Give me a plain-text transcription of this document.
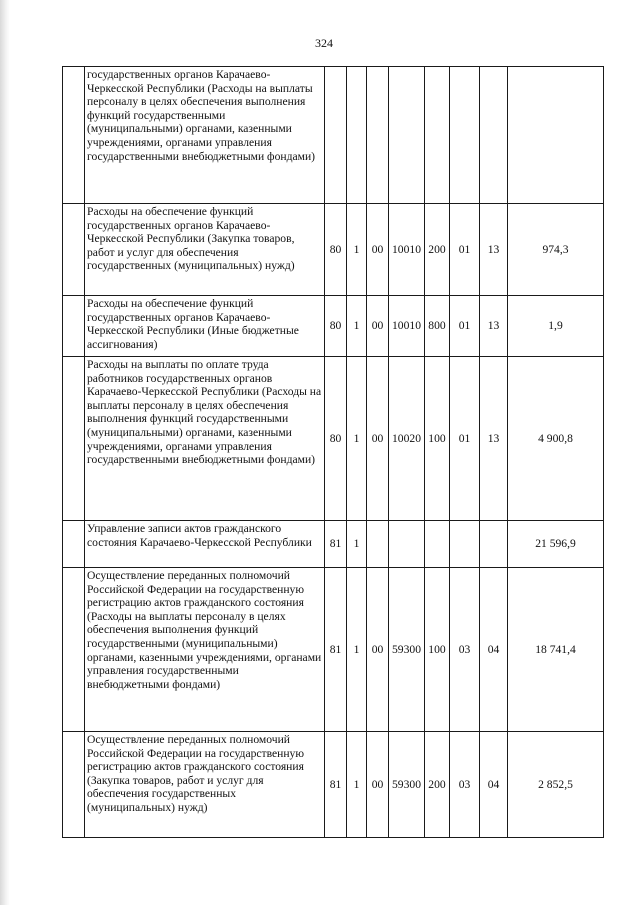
324
	государственных органов Карачаево-Черкесской Республики (Расходы на выплаты персоналу в целях обеспечения выполнения функций государственными (муниципальными) органами, казенными учреждениями, органами управления государственными внебюджетными фондами)								
	Расходы на обеспечение функций государственных органов Карачаево-Черкесской Республики (Закупка товаров, работ и услуг для обеспечения государственных (муниципальных) нужд)	80	1	00	10010	200	01	13	974,3
	Расходы на обеспечение функций государственных органов Карачаево-Черкесской Республики (Иные бюджетные ассигнования)	80	1	00	10010	800	01	13	1,9
	Расходы на выплаты по оплате труда работников государственных органов Карачаево-Черкесской Республики (Расходы на выплаты персоналу в целях обеспечения выполнения функций государственными (муниципальными) органами, казенными учреждениями, органами управления государственными внебюджетными фондами)	80	1	00	10020	100	01	13	4 900,8
	Управление записи актов гражданского состояния Карачаево-Черкесской Республики	81	1						21 596,9
	Осуществление переданных полномочий Российской Федерации на государственную регистрацию актов гражданского состояния (Расходы на выплаты персоналу в целях обеспечения выполнения функций государственными (муниципальными) органами, казенными учреждениями, органами управления государственными внебюджетными фондами)	81	1	00	59300	100	03	04	18 741,4
	Осуществление переданных полномочий Российской Федерации на государственную регистрацию актов гражданского состояния (Закупка товаров, работ и услуг для обеспечения государственных (муниципальных) нужд)	81	1	00	59300	200	03	04	2 852,5
